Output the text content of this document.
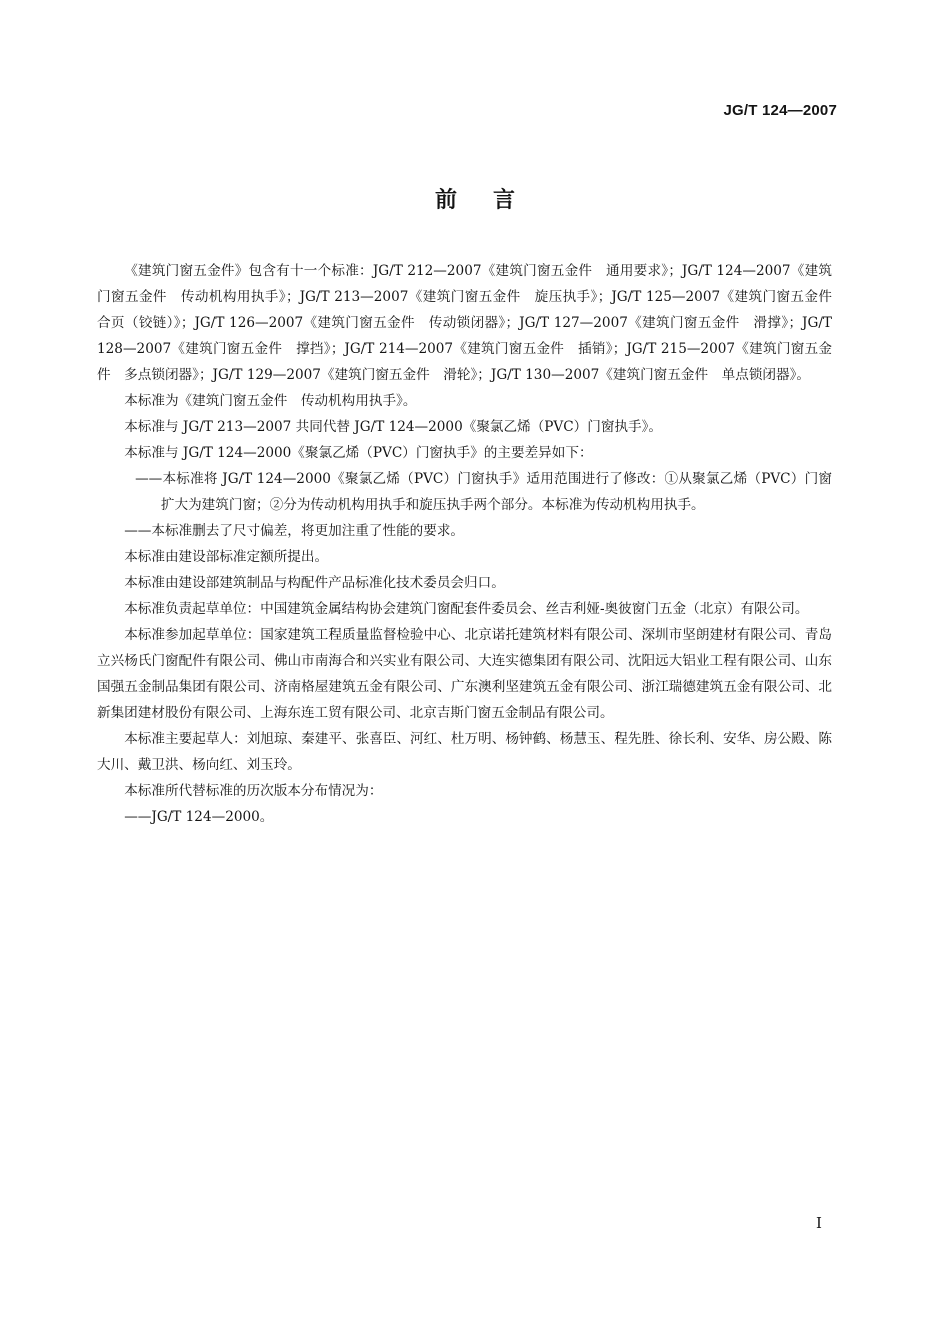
JG/T 124—2007
前言

《建筑门窗五金件》包含有十一个标准：JG/T 212—2007《建筑门窗五金件　通用要求》；JG/T 124—2007《建筑门窗五金件　传动机构用执手》；JG/T 213—2007《建筑门窗五金件　旋压执手》；JG/T 125—2007《建筑门窗五金件　合页（铰链）》；JG/T 126—2007《建筑门窗五金件　传动锁闭器》；JG/T 127—2007《建筑门窗五金件　滑撑》；JG/T 128—2007《建筑门窗五金件　撑挡》；JG/T 214—2007《建筑门窗五金件　插销》；JG/T 215—2007《建筑门窗五金件　多点锁闭器》；JG/T 129—2007《建筑门窗五金件　滑轮》；JG/T 130—2007《建筑门窗五金件　单点锁闭器》。

本标准为《建筑门窗五金件　传动机构用执手》。

本标准与 JG/T 213—2007 共同代替 JG/T 124—2000《聚氯乙烯（PVC）门窗执手》。

本标准与 JG/T 124—2000《聚氯乙烯（PVC）门窗执手》的主要差异如下：

——本标准将 JG/T 124—2000《聚氯乙烯（PVC）门窗执手》适用范围进行了修改：①从聚氯乙烯（PVC）门窗扩大为建筑门窗；②分为传动机构用执手和旋压执手两个部分。本标准为传动机构用执手。

——本标准删去了尺寸偏差，将更加注重了性能的要求。

本标准由建设部标准定额所提出。

本标准由建设部建筑制品与构配件产品标准化技术委员会归口。

本标准负责起草单位：中国建筑金属结构协会建筑门窗配套件委员会、丝吉利娅-奥彼窗门五金（北京）有限公司。

本标准参加起草单位：国家建筑工程质量监督检验中心、北京诺托建筑材料有限公司、深圳市坚朗建材有限公司、青岛立兴杨氏门窗配件有限公司、佛山市南海合和兴实业有限公司、大连实德集团有限公司、沈阳远大铝业工程有限公司、山东国强五金制品集团有限公司、济南格屋建筑五金有限公司、广东澳利坚建筑五金有限公司、浙江瑞德建筑五金有限公司、北新集团建材股份有限公司、上海东连工贸有限公司、北京吉斯门窗五金制品有限公司。

本标准主要起草人：刘旭琼、秦建平、张喜臣、河红、杜万明、杨钟鹤、杨慧玉、程先胜、徐长利、安华、房公殿、陈大川、戴卫洪、杨向红、刘玉玲。

本标准所代替标准的历次版本分布情况为：

——JG/T 124—2000。

I
